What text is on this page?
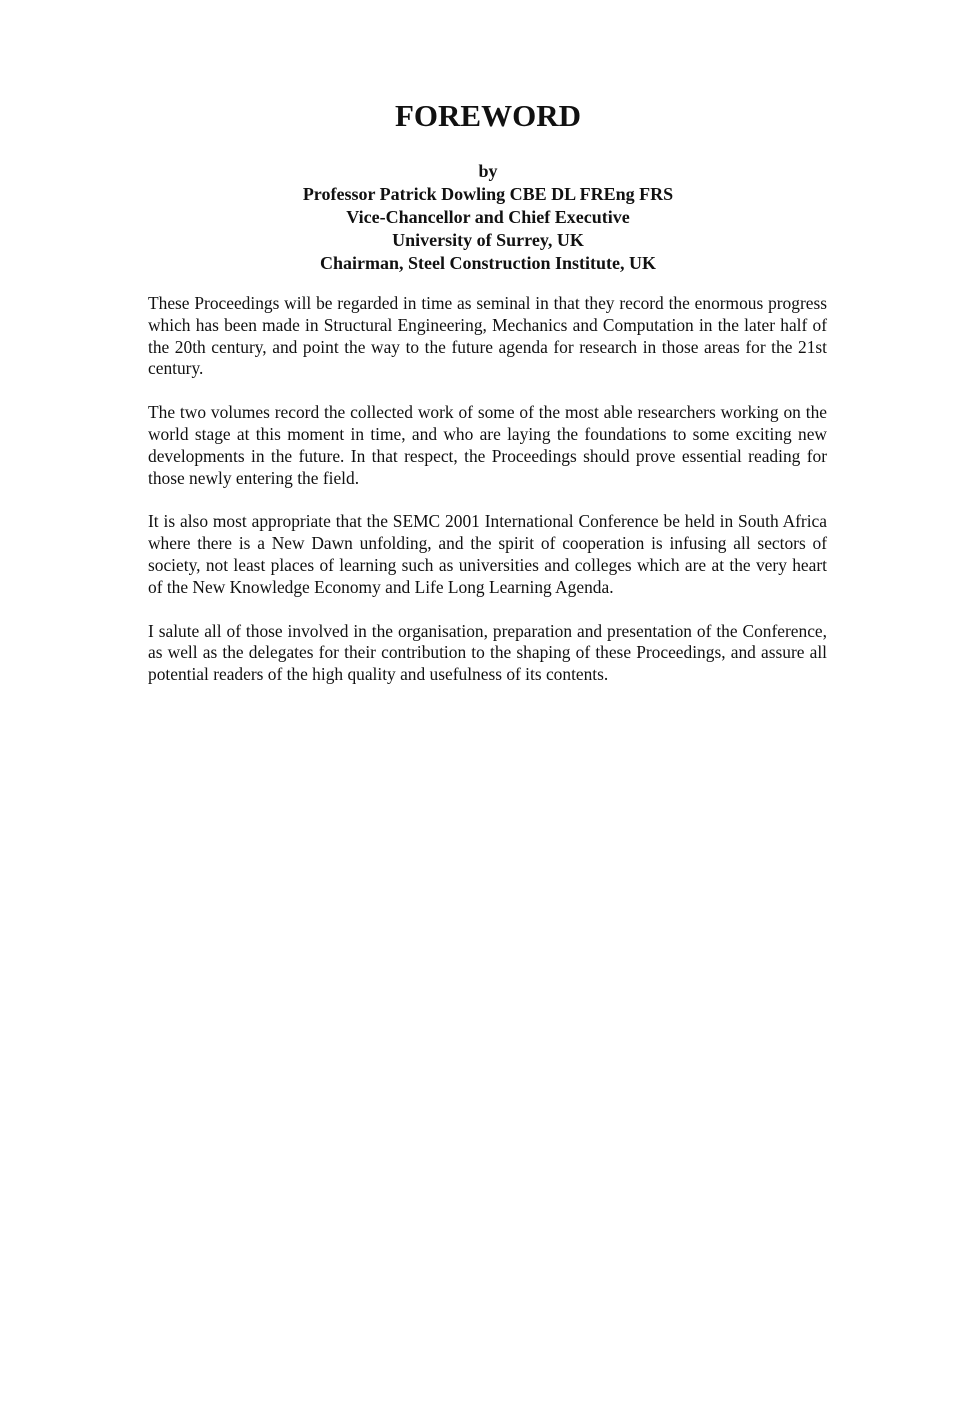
FOREWORD
by
Professor Patrick Dowling CBE DL FREng FRS
Vice-Chancellor and Chief Executive
University of Surrey, UK
Chairman, Steel Construction Institute, UK

These Proceedings will be regarded in time as seminal in that they record the enormous progress which has been made in Structural Engineering, Mechanics and Computation in the later half of the 20th century, and point the way to the future agenda for research in those areas for the 21st century.

The two volumes record the collected work of some of the most able researchers working on the world stage at this moment in time, and who are laying the foundations to some exciting new developments in the future. In that respect, the Proceedings should prove essential reading for those newly entering the field.

It is also most appropriate that the SEMC 2001 International Conference be held in South Africa where there is a New Dawn unfolding, and the spirit of cooperation is infusing all sectors of society, not least places of learning such as universities and colleges which are at the very heart of the New Knowledge Economy and Life Long Learning Agenda.

I salute all of those involved in the organisation, preparation and presentation of the Conference, as well as the delegates for their contribution to the shaping of these Proceedings, and assure all potential readers of the high quality and usefulness of its contents.
